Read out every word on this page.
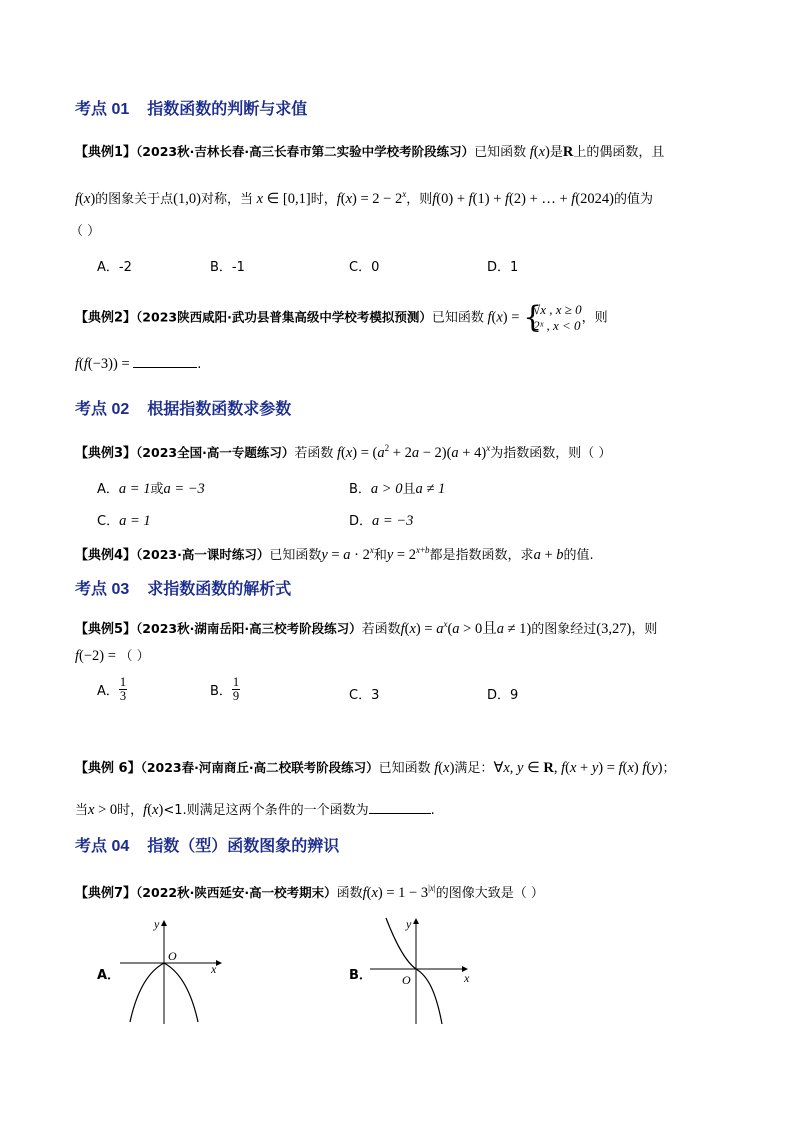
考点 01 指数函数的判断与求值
【典例1】（2023秋·吉林长春·高三长春市第二实验中学校考阶段练习）已知函数 f(x)是R上的偶函数，且
f(x)的图象关于点(1,0)对称，当 x ∈ [0,1]时，$f(x) = 2 - 2^x$，则f(0) + f(1) + f(2) + … + f(2024)的值为
（ ）
A．-2	B．-1	C．0	D．1
【典例2】（2023陕西咸阳·武功县普集高级中学校考模拟预测）已知函数 f(x) = {
√x , x ≥ 0
2ˣ , x < 0 ，则
f(f(−3)) =	.
考点 02 根据指数函数求参数
【典例3】（2023全国·高一专题练习）若函数 $f(x) = (a^2 + 2a - 2)(a + 4)^x$为指数函数，则（ ）
A．a = 1或a = −3	B．a > 0且a ≠ 1
C．a = 1	D．a = −3
【典例4】（2023·高一课时练习）已知函数$y = a \cdot 2^x$和$y = 2^{x+b}$都是指数函数，求a + b的值.
考点 03 求指数函数的解析式
【典例5】（2023秋·湖南岳阳·高三校考阶段练习）若函数$f(x) = a^x(a > 0$且a ≠ 1)的图象经过(3,27)，则
f(−2) = （ ）
A． $\frac{1}{3}$	B． $\frac{1}{9}$	C．3	D．9
【典例 6】（2023春·河南商丘·高二校联考阶段练习）已知函数 f(x)满足：∀x, y ∈ R, f(x + y) = f(x) f(y)；
当x > 0时，f(x)<1.则满足这两个条件的一个函数为	.
考点 04 指数（型）函数图象的辨识
【典例7】（2022秋·陕西延安·高一校考期末）函数$f(x) = 1 - 3^{|x|}$的图像大致是（ ）
A．
y
O
x	B．
y
O	x
